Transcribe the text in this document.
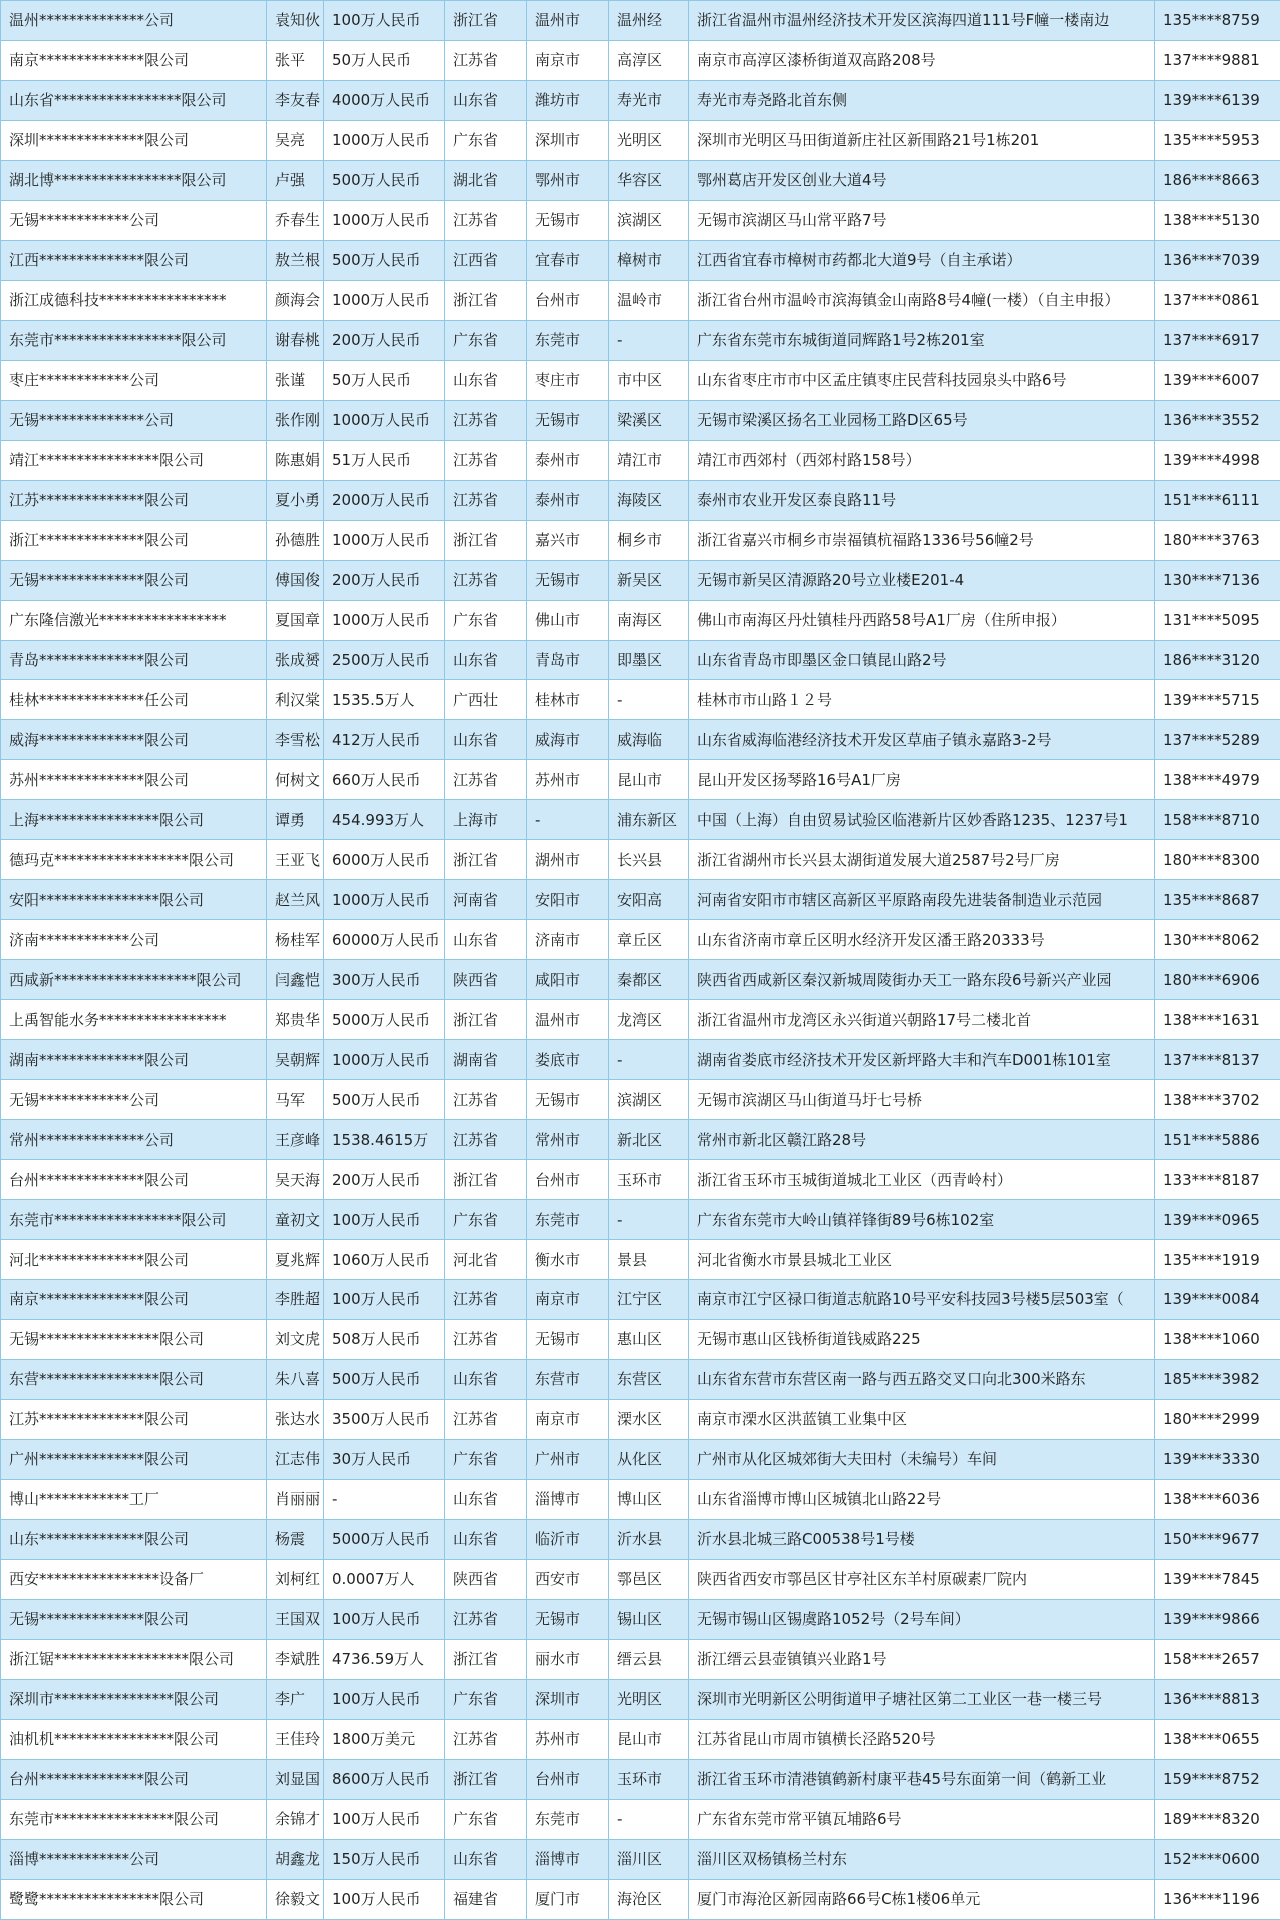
温州**************公司	袁知伙	100万人民币	浙江省	温州市	温州经	浙江省温州市温州经济技术开发区滨海四道111号F幢一楼南边	135****8759
南京**************限公司	张平	50万人民币	江苏省	南京市	高淳区	南京市高淳区漆桥街道双高路208号	137****9881
山东省*****************限公司	李友春	4000万人民币	山东省	潍坊市	寿光市	寿光市寿尧路北首东侧	139****6139
深圳**************限公司	吴亮	1000万人民币	广东省	深圳市	光明区	深圳市光明区马田街道新庄社区新围路21号1栋201	135****5953
湖北博*****************限公司	卢强	500万人民币	湖北省	鄂州市	华容区	鄂州葛店开发区创业大道4号	186****8663
无锡************公司	乔春生	1000万人民币	江苏省	无锡市	滨湖区	无锡市滨湖区马山常平路7号	138****5130
江西**************限公司	敖兰根	500万人民币	江西省	宜春市	樟树市	江西省宜春市樟树市药都北大道9号（自主承诺）	136****7039
浙江成德科技*****************	颜海会	1000万人民币	浙江省	台州市	温岭市	浙江省台州市温岭市滨海镇金山南路8号4幢(一楼）（自主申报）	137****0861
东莞市*****************限公司	谢春桃	200万人民币	广东省	东莞市	-	广东省东莞市东城街道同辉路1号2栋201室	137****6917
枣庄************公司	张谨	50万人民币	山东省	枣庄市	市中区	山东省枣庄市市中区孟庄镇枣庄民营科技园泉头中路6号	139****6007
无锡**************公司	张作刚	1000万人民币	江苏省	无锡市	梁溪区	无锡市梁溪区扬名工业园杨工路D区65号	136****3552
靖江****************限公司	陈惠娟	51万人民币	江苏省	泰州市	靖江市	靖江市西郊村（西郊村路158号）	139****4998
江苏**************限公司	夏小勇	2000万人民币	江苏省	泰州市	海陵区	泰州市农业开发区泰良路11号	151****6111
浙江**************限公司	孙德胜	1000万人民币	浙江省	嘉兴市	桐乡市	浙江省嘉兴市桐乡市崇福镇杭福路1336号56幢2号	180****3763
无锡**************限公司	傅国俊	200万人民币	江苏省	无锡市	新吴区	无锡市新吴区清源路20号立业楼E201-4	130****7136
广东隆信激光*****************	夏国章	1000万人民币	广东省	佛山市	南海区	佛山市南海区丹灶镇桂丹西路58号A1厂房（住所申报）	131****5095
青岛**************限公司	张成赟	2500万人民币	山东省	青岛市	即墨区	山东省青岛市即墨区金口镇昆山路2号	186****3120
桂林**************任公司	利汉棠	1535.5万人	广西壮	桂林市	-	桂林市市山路１２号	139****5715
威海**************限公司	李雪松	412万人民币	山东省	威海市	威海临	山东省威海临港经济技术开发区草庙子镇永嘉路3-2号	137****5289
苏州**************限公司	何树文	660万人民币	江苏省	苏州市	昆山市	昆山开发区扬琴路16号A1厂房	138****4979
上海****************限公司	谭勇	454.993万人	上海市	-	浦东新区	中国（上海）自由贸易试验区临港新片区妙香路1235、1237号1	158****8710
德玛克******************限公司	王亚飞	6000万人民币	浙江省	湖州市	长兴县	浙江省湖州市长兴县太湖街道发展大道2587号2号厂房	180****8300
安阳****************限公司	赵兰风	1000万人民币	河南省	安阳市	安阳高	河南省安阳市市辖区高新区平原路南段先进装备制造业示范园	135****8687
济南************公司	杨桂军	60000万人民币	山东省	济南市	章丘区	山东省济南市章丘区明水经济开发区潘王路20333号	130****8062
西咸新*******************限公司	闫鑫恺	300万人民币	陕西省	咸阳市	秦都区	陕西省西咸新区秦汉新城周陵街办天工一路东段6号新兴产业园	180****6906
上禹智能水务*****************	郑贵华	5000万人民币	浙江省	温州市	龙湾区	浙江省温州市龙湾区永兴街道兴朝路17号二楼北首	138****1631
湖南**************限公司	吴朝辉	1000万人民币	湖南省	娄底市	-	湖南省娄底市经济技术开发区新坪路大丰和汽车D001栋101室	137****8137
无锡************公司	马军	500万人民币	江苏省	无锡市	滨湖区	无锡市滨湖区马山街道马圩七号桥	138****3702
常州**************公司	王彦峰	1538.4615万	江苏省	常州市	新北区	常州市新北区赣江路28号	151****5886
台州**************限公司	吴天海	200万人民币	浙江省	台州市	玉环市	浙江省玉环市玉城街道城北工业区（西青岭村）	133****8187
东莞市*****************限公司	童初文	100万人民币	广东省	东莞市	-	广东省东莞市大岭山镇祥锋街89号6栋102室	139****0965
河北**************限公司	夏兆辉	1060万人民币	河北省	衡水市	景县	河北省衡水市景县城北工业区	135****1919
南京**************限公司	李胜超	100万人民币	江苏省	南京市	江宁区	南京市江宁区禄口街道志航路10号平安科技园3号楼5层503室（	139****0084
无锡****************限公司	刘文虎	508万人民币	江苏省	无锡市	惠山区	无锡市惠山区钱桥街道钱威路225	138****1060
东营****************限公司	朱八喜	500万人民币	山东省	东营市	东营区	山东省东营市东营区南一路与西五路交叉口向北300米路东	185****3982
江苏**************限公司	张达水	3500万人民币	江苏省	南京市	溧水区	南京市溧水区洪蓝镇工业集中区	180****2999
广州**************限公司	江志伟	30万人民币	广东省	广州市	从化区	广州市从化区城郊街大夫田村（未编号）车间	139****3330
博山************工厂	肖丽丽	-	山东省	淄博市	博山区	山东省淄博市博山区城镇北山路22号	138****6036
山东**************限公司	杨震	5000万人民币	山东省	临沂市	沂水县	沂水县北城三路C00538号1号楼	150****9677
西安****************设备厂	刘柯红	0.0007万人	陕西省	西安市	鄠邑区	陕西省西安市鄠邑区甘亭社区东羊村原碳素厂院内	139****7845
无锡**************限公司	王国双	100万人民币	江苏省	无锡市	锡山区	无锡市锡山区锡虞路1052号（2号车间）	139****9866
浙江锯******************限公司	李斌胜	4736.59万人	浙江省	丽水市	缙云县	浙江缙云县壶镇镇兴业路1号	158****2657
深圳市****************限公司	李广	100万人民币	广东省	深圳市	光明区	深圳市光明新区公明街道甲子塘社区第二工业区一巷一楼三号	136****8813
油机机****************限公司	王佳玲	1800万美元	江苏省	苏州市	昆山市	江苏省昆山市周市镇横长泾路520号	138****0655
台州**************限公司	刘显国	8600万人民币	浙江省	台州市	玉环市	浙江省玉环市清港镇鹤新村康平巷45号东面第一间（鹤新工业	159****8752
东莞市****************限公司	余锦才	100万人民币	广东省	东莞市	-	广东省东莞市常平镇瓦埔路6号	189****8320
淄博************公司	胡鑫龙	150万人民币	山东省	淄博市	淄川区	淄川区双杨镇杨兰村东	152****0600
鹭鹭****************限公司	徐毅文	100万人民币	福建省	厦门市	海沧区	厦门市海沧区新园南路66号C栋1楼06单元	136****1196
